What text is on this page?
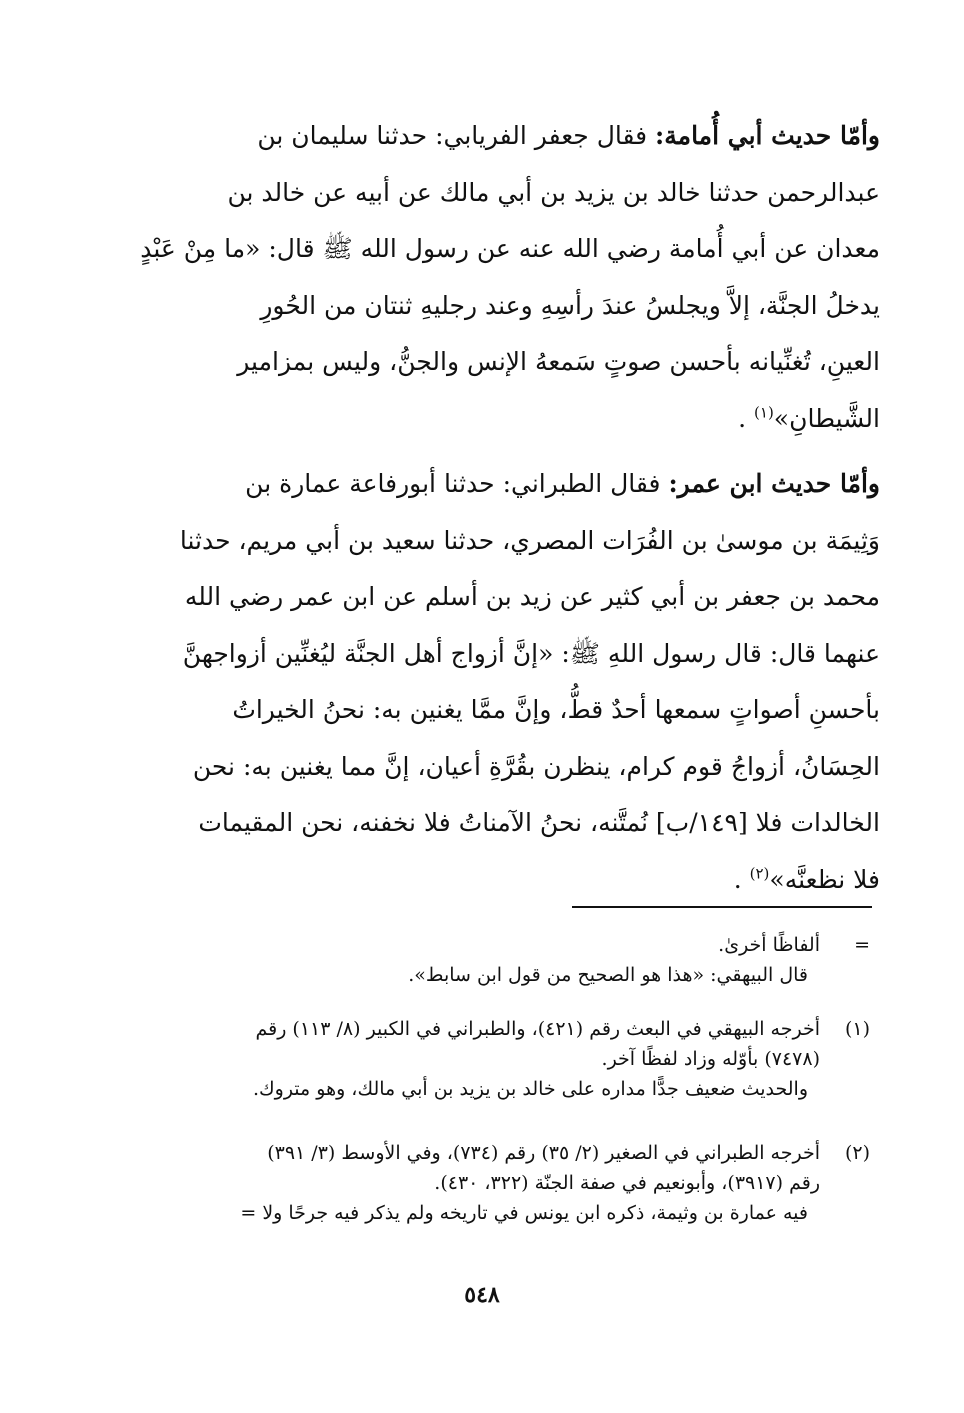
وأمّا حديث أبي أُمامة: فقال جعفر الفريابي: حدثنا سليمان بن
عبدالرحمن حدثنا خالد بن يزيد بن أبي مالك عن أبيه عن خالد بن
معدان عن أبي أُمامة رضي الله عنه عن رسول الله ﷺ قال: «ما مِنْ عَبْدٍ
يدخلُ الجنَّة، إلاَّ ويجلسُ عندَ رأسِهِ وعند رجليهِ ثنتان من الحُورِ
العينِ، تُغنِّيانه بأحسن صوتٍ سَمعهُ الإنس والجنُّ، وليس بمزامير
الشَّيطانِ»$^{(١)}$ .
وأمّا حديث ابن عمر: فقال الطبراني: حدثنا أبورفاعة عمارة بن
وَثِيمَة بن موسىٰ بن الفُرَات المصري، حدثنا سعيد بن أبي مريم، حدثنا
محمد بن جعفر بن أبي كثير عن زيد بن أسلم عن ابن عمر رضي الله
عنهما قال: قال رسول اللهِ ﷺ: «إنَّ أزواج أهل الجنَّة ليُغنِّين أزواجهنَّ
بأحسنِ أصواتٍ سمعها أحدٌ قطُّ، وإنَّ ممَّا يغنين به: نحنُ الخيراتُ
الحِسَانُ، أزواجُ قوم كرام، ينظرن بقُرَّةِ أعيان، إنَّ مما يغنين به: نحن
الخالدات فلا [١٤٩/ب] نُمتَّنه، نحنُ الآمناتُ فلا نخفنه، نحن المقيمات
فلا نظعنَّه»$^{(٢)}$ .
=ألفاظًا أخرىٰ.
قال البيهقي: «هذا هو الصحيح من قول ابن سابط».
(١)أخرجه البيهقي في البعث رقم (٤٢١)، والطبراني في الكبير (٨/ ١١٣) رقم
(٧٤٧٨) بأوّله وزاد لفظًا آخر.
والحديث ضعيف جدًّا مداره على خالد بن يزيد بن أبي مالك، وهو متروك.
(٢)أخرجه الطبراني في الصغير (٢/ ٣٥) رقم (٧٣٤)، وفي الأوسط (٣/ ٣٩١)
رقم (٣٩١٧)، وأبونعيم في صفة الجنّة (٣٢٢، ٤٣٠).
فيه عمارة بن وثيمة، ذكره ابن يونس في تاريخه ولم يذكر فيه جرحًا ولا =
٥٤٨
